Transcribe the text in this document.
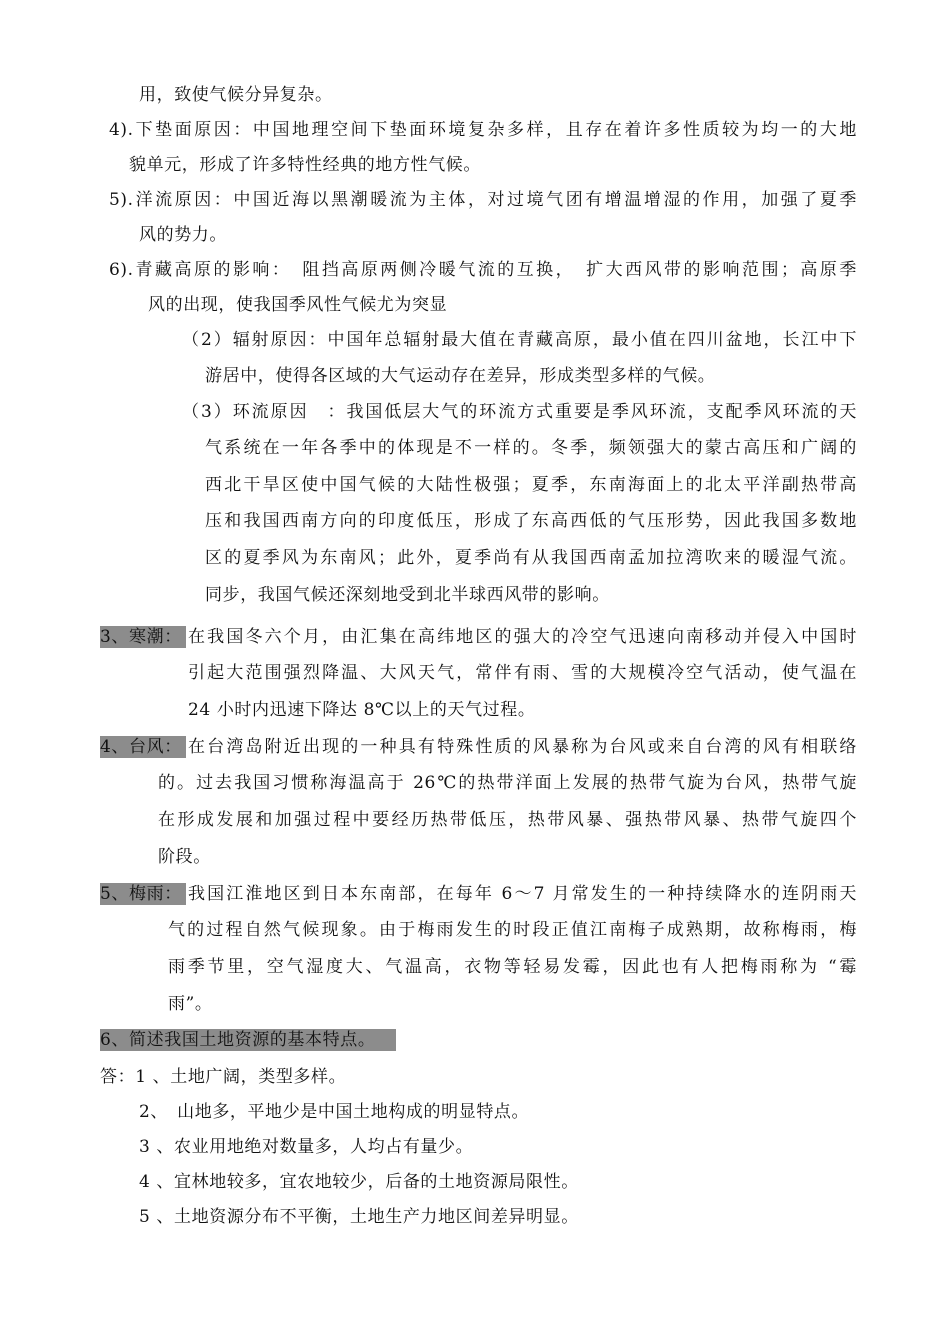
用，致使气候分异复杂。
4).下垫面原因：中国地理空间下垫面环境复杂多样，且存在着许多性质较为均一的大地
貌单元，形成了许多特性经典的地方性气候。
5).洋流原因：中国近海以黑潮暖流为主体，对过境气团有增温增湿的作用，加强了夏季
风的势力。
6).青藏高原的影响：　阻挡高原两侧冷暖气流的互换，　扩大西风带的影响范围；高原季
风的出现，使我国季风性气候尤为突显
（2）辐射原因：中国年总辐射最大值在青藏高原，最小值在四川盆地，长江中下
游居中，使得各区域的大气运动存在差异，形成类型多样的气候。
（3）环流原因　：我国低层大气的环流方式重要是季风环流，支配季风环流的天
气系统在一年各季中的体现是不一样的。冬季，频领强大的蒙古高压和广阔的
西北干旱区使中国气候的大陆性极强；夏季，东南海面上的北太平洋副热带高
压和我国西南方向的印度低压，形成了东高西低的气压形势，因此我国多数地
区的夏季风为东南风；此外，夏季尚有从我国西南孟加拉湾吹来的暖湿气流。
同步，我国气候还深刻地受到北半球西风带的影响。
3、寒潮： 在我国冬六个月，由汇集在高纬地区的强大的冷空气迅速向南移动并侵入中国时
引起大范围强烈降温、大风天气，常伴有雨、雪的大规模冷空气活动，使气温在
24 小时内迅速下降达 8℃以上的天气过程。
4、台风： 在台湾岛附近出现的一种具有特殊性质的风暴称为台风或来自台湾的风有相联络
的。过去我国习惯称海温高于 26℃的热带洋面上发展的热带气旋为台风，热带气旋
在形成发展和加强过程中要经历热带低压，热带风暴、强热带风暴、热带气旋四个
阶段。
5、梅雨： 我国江淮地区到日本东南部，在每年 6～7 月常发生的一种持续降水的连阴雨天
气的过程自然气候现象。由于梅雨发生的时段正值江南梅子成熟期，故称梅雨，梅
雨季节里，空气湿度大、气温高，衣物等轻易发霉，因此也有人把梅雨称为 “霉
雨”。
6、简述我国土地资源的基本特点。
答：1 、土地广阔，类型多样。
2、　山地多，平地少是中国土地构成的明显特点。
3 、农业用地绝对数量多，人均占有量少。
4 、宜林地较多，宜农地较少，后备的土地资源局限性。
5 、土地资源分布不平衡，土地生产力地区间差异明显。
